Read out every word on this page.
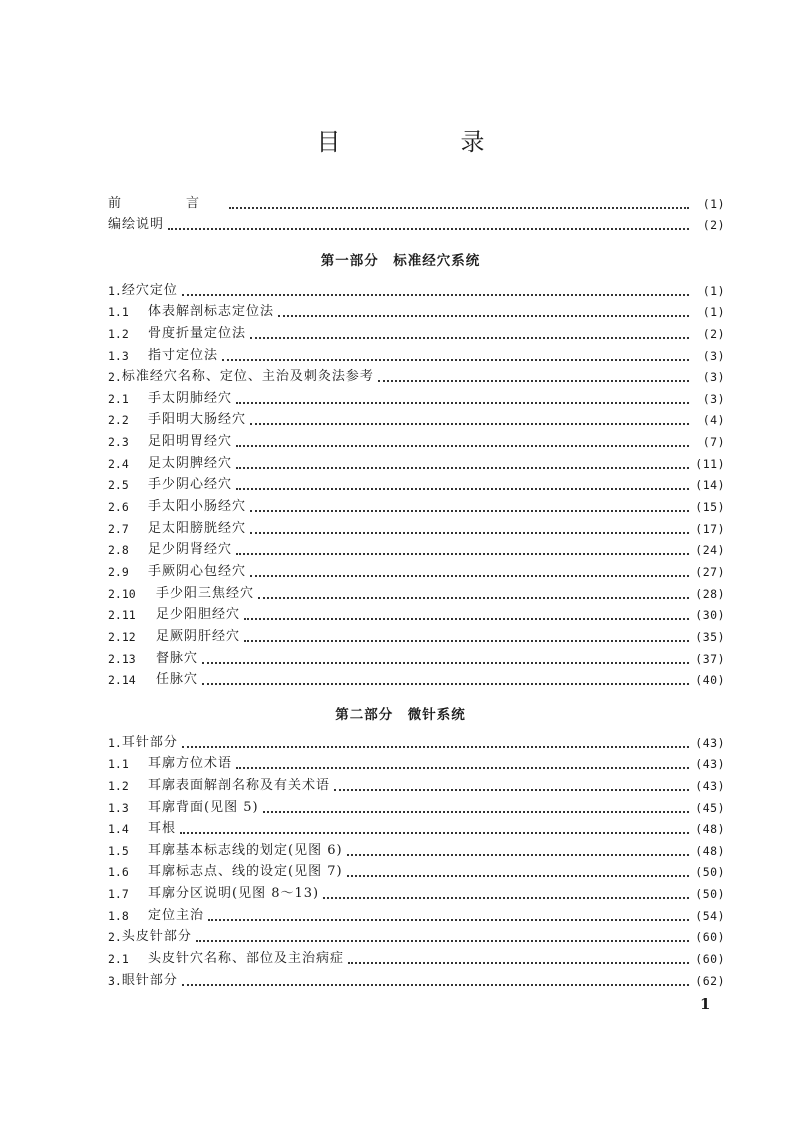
目　录
前　言	(1)
编绘说明	(2)
第一部分　标准经穴系统
1. 经穴定位	(1)
1.1	体表解剖标志定位法	(1)
1.2	骨度折量定位法	(2)
1.3	指寸定位法	(3)
2. 标准经穴名称、定位、主治及刺灸法参考	(3)
2.1	手太阴肺经穴	(3)
2.2	手阳明大肠经穴	(4)
2.3	足阳明胃经穴	(7)
2.4	足太阴脾经穴	(11)
2.5	手少阴心经穴	(14)
2.6	手太阳小肠经穴	(15)
2.7	足太阳膀胱经穴	(17)
2.8	足少阴肾经穴	(24)
2.9	手厥阴心包经穴	(27)
2.10	手少阳三焦经穴	(28)
2.11	足少阳胆经穴	(30)
2.12	足厥阴肝经穴	(35)
2.13	督脉穴	(37)
2.14	任脉穴	(40)
第二部分　微针系统
1. 耳针部分	(43)
1.1	耳廓方位术语	(43)
1.2	耳廓表面解剖名称及有关术语	(43)
1.3	耳廓背面(见图 5)	(45)
1.4	耳根	(48)
1.5	耳廓基本标志线的划定(见图 6)	(48)
1.6	耳廓标志点、线的设定(见图 7)	(50)
1.7	耳廓分区说明(见图 8～13)	(50)
1.8	定位主治	(54)
2. 头皮针部分	(60)
2.1	头皮针穴名称、部位及主治病症	(60)
3. 眼针部分	(62)

1
